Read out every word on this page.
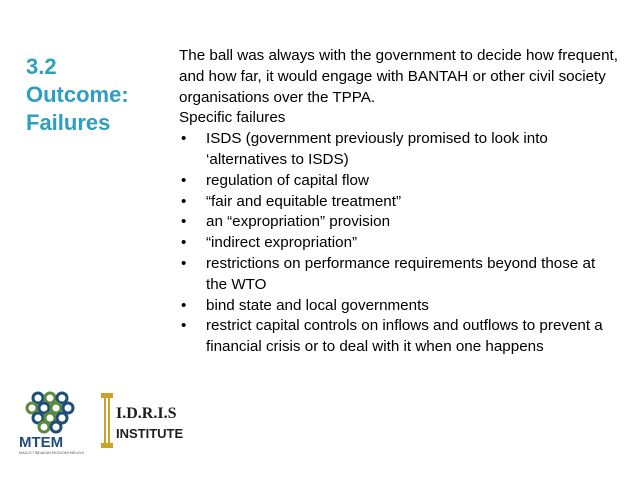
3.2
Outcome:
Failures

The ball was always with the government to decide how frequent, and how far, it would engage with BANTAH or other civil society organisations over the TPPA.

Specific failures

• ISDS (government previously promised to look into ‘alternatives to ISDS)
• regulation of capital flow
• “fair and equitable treatment”
• an “expropriation” provision
• “indirect expropriation”
• restrictions on performance requirements beyond those at the WTO
• bind state and local governments
• restrict capital controls on inflows and outflows to prevent a financial crisis or to deal with it when one happens
MTEM
MAJLIS TINDAKAN EKONOMI MELAYU
I.D.R.I.S
INSTITUTE
